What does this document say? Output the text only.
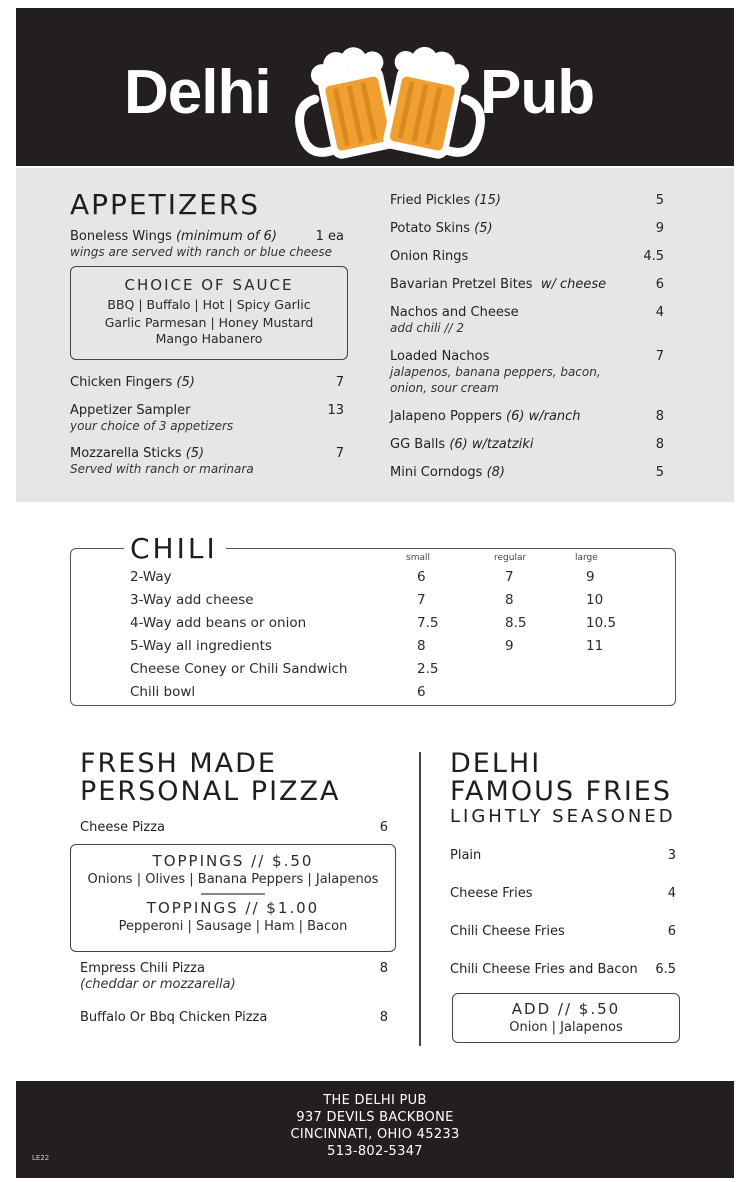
Delhi	Pub
APPETIZERS
Boneless Wings (minimum of 6)	1 ea
wings are served with ranch or blue cheese
CHOICE OF SAUCE
BBQ | Buffalo | Hot | Spicy Garlic
Garlic Parmesan | Honey Mustard
Mango Habanero
Chicken Fingers (5)	7
Appetizer Sampler	13
your choice of 3 appetizers
Mozzarella Sticks (5)	7
Served with ranch or marinara
Fried Pickles (15)	5
Potato Skins (5)	9
Onion Rings	4.5
Bavarian Pretzel Bites w/ cheese	6
Nachos and Cheese	4
add chili // 2
Loaded Nachos	7
jalapenos, banana peppers, bacon,
onion, sour cream
Jalapeno Poppers (6) w/ranch	8
GG Balls (6) w/tzatziki	8
Mini Corndogs (8)	5
CHILI	small	regular	large
2-Way	6	7	9
3-Way add cheese	7	8	10
4-Way add beans or onion	7.5	8.5	10.5
5-Way all ingredients	8	9	11
Cheese Coney or Chili Sandwich	2.5
Chili bowl	6
FRESH MADE
PERSONAL PIZZA
Cheese Pizza	6
TOPPINGS // $.50
Onions | Olives | Banana Peppers | Jalapenos
TOPPINGS // $1.00
Pepperoni | Sausage | Ham | Bacon
Empress Chili Pizza	8
(cheddar or mozzarella)
Buffalo Or Bbq Chicken Pizza	8
DELHI
FAMOUS FRIES
LIGHTLY SEASONED
Plain	3
Cheese Fries	4
Chili Cheese Fries	6
Chili Cheese Fries and Bacon	6.5
ADD // $.50
Onion | Jalapenos
THE DELHI PUB
937 DEVILS BACKBONE
CINCINNATI, OHIO 45233
513-802-5347
LE22
